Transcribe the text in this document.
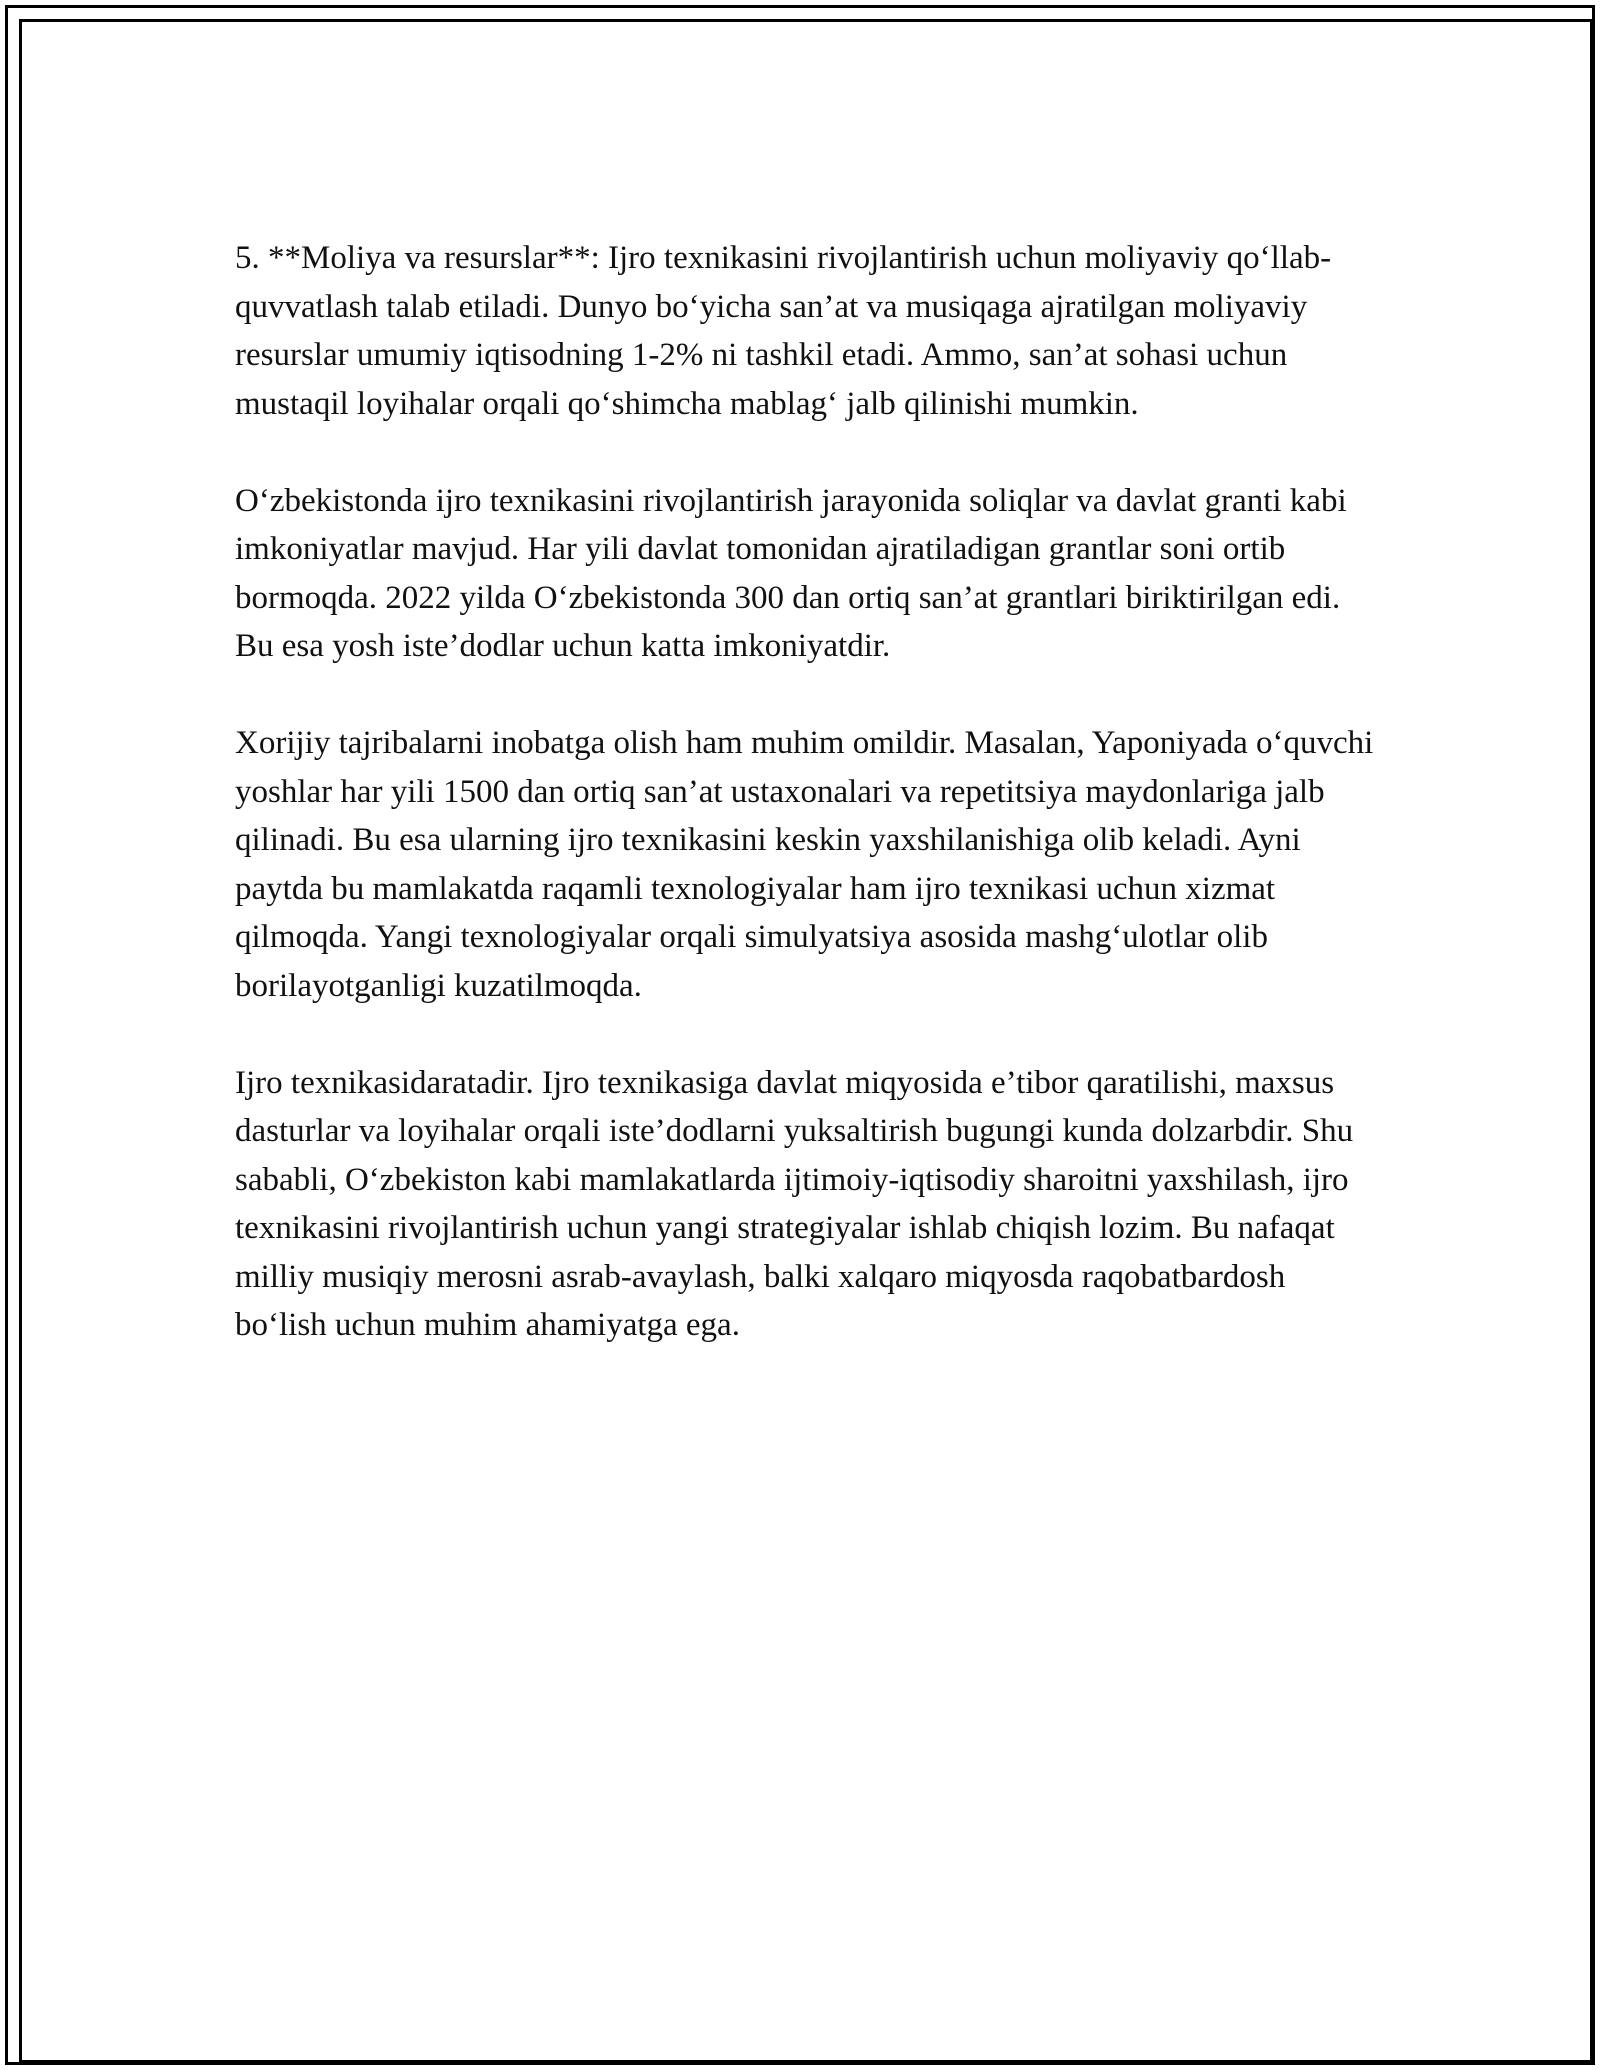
5. **Moliya va resurslar**: Ijro texnikasini rivojlantirish uchun moliyaviy qo‘llab-quvvatlash talab etiladi. Dunyo bo‘yicha san’at va musiqaga ajratilgan moliyaviy resurslar umumiy iqtisodning 1-2% ni tashkil etadi. Ammo, san’at sohasi uchun mustaqil loyihalar orqali qo‘shimcha mablag‘ jalb qilinishi mumkin.

O‘zbekistonda ijro texnikasini rivojlantirish jarayonida soliqlar va davlat granti kabi imkoniyatlar mavjud. Har yili davlat tomonidan ajratiladigan grantlar soni ortib bormoqda. 2022 yilda O‘zbekistonda 300 dan ortiq san’at grantlari biriktirilgan edi. Bu esa yosh iste’dodlar uchun katta imkoniyatdir.

Xorijiy tajribalarni inobatga olish ham muhim omildir. Masalan, Yaponiyada o‘quvchi yoshlar har yili 1500 dan ortiq san’at ustaxonalari va repetitsiya maydonlariga jalb qilinadi. Bu esa ularning ijro texnikasini keskin yaxshilanishiga olib keladi. Ayni paytda bu mamlakatda raqamli texnologiyalar ham ijro texnikasi uchun xizmat qilmoqda. Yangi texnologiyalar orqali simulyatsiya asosida mashg‘ulotlar olib borilayotganligi kuzatilmoqda.

Ijro texnikasidaratadir. Ijro texnikasiga davlat miqyosida e’tibor qaratilishi, maxsus dasturlar va loyihalar orqali iste’dodlarni yuksaltirish bugungi kunda dolzarbdir. Shu sababli, O‘zbekiston kabi mamlakatlarda ijtimoiy-iqtisodiy sharoitni yaxshilash, ijro texnikasini rivojlantirish uchun yangi strategiyalar ishlab chiqish lozim. Bu nafaqat milliy musiqiy merosni asrab-avaylash, balki xalqaro miqyosda raqobatbardosh bo‘lish uchun muhim ahamiyatga ega.
